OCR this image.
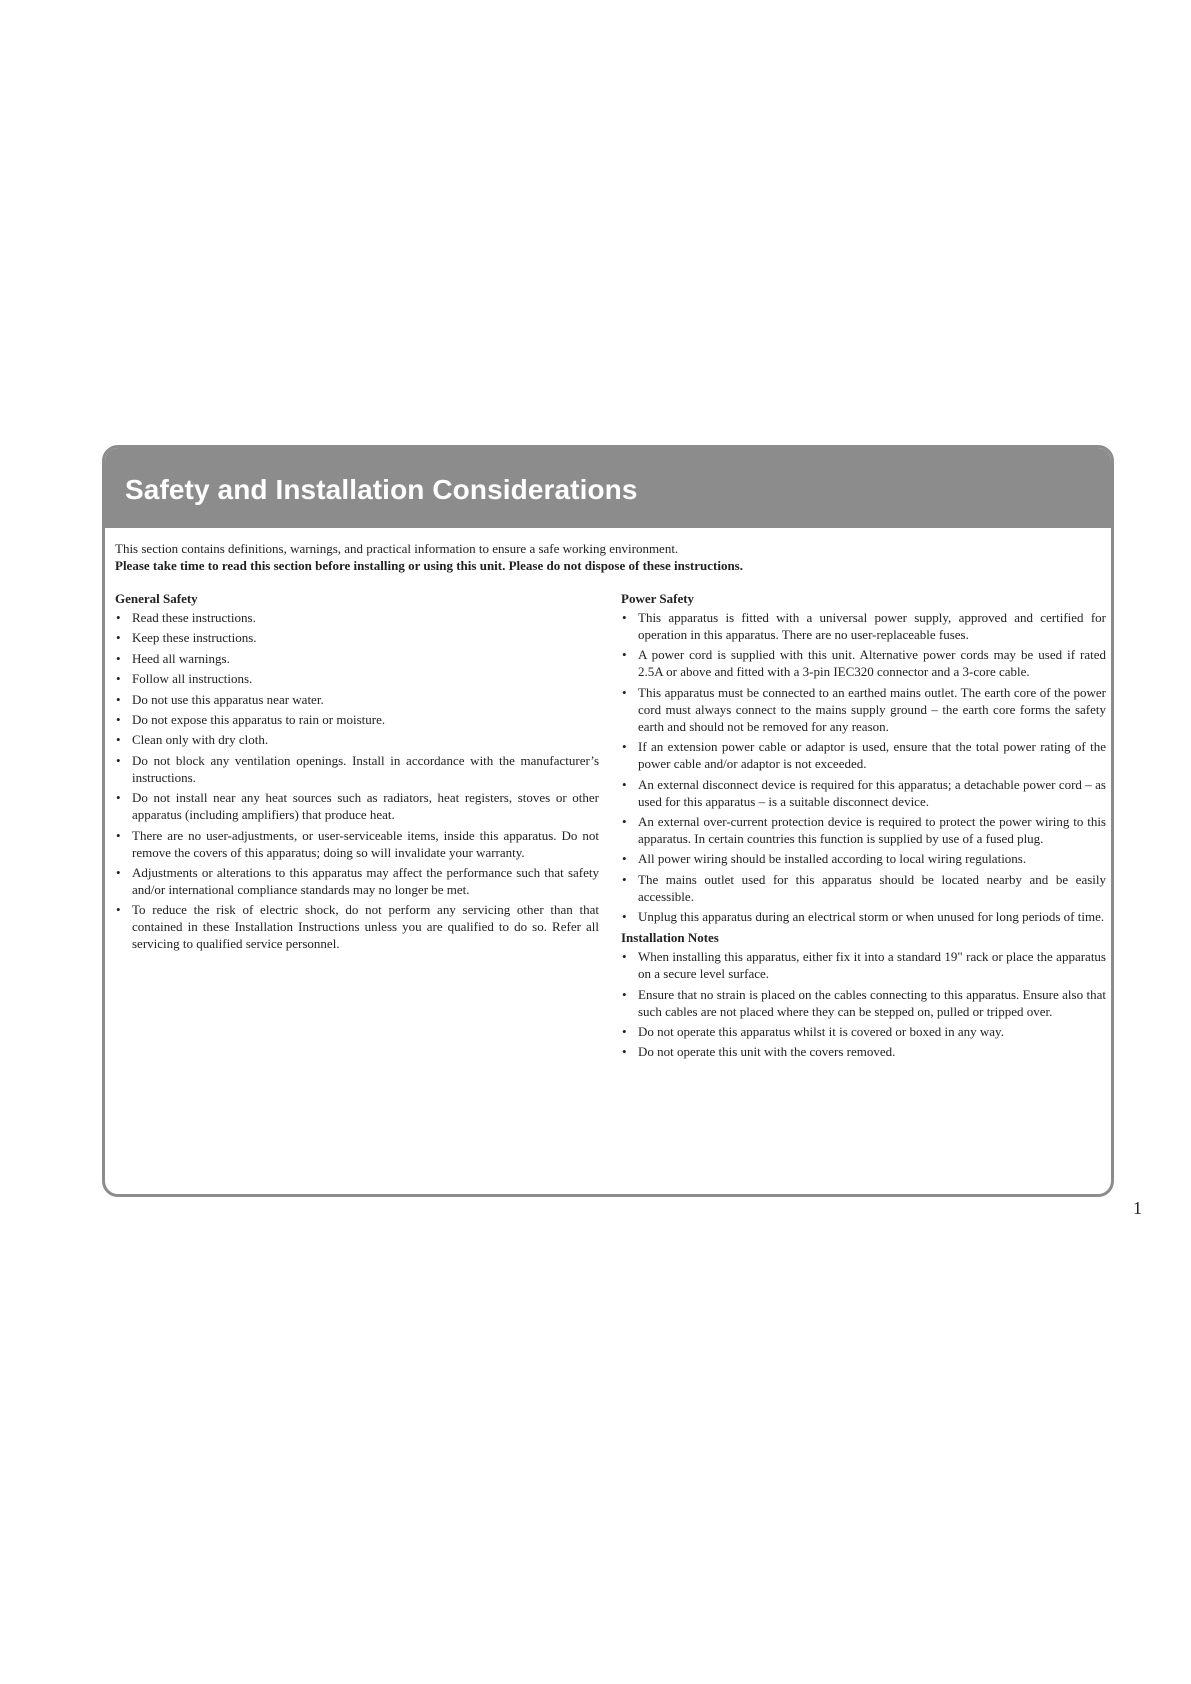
Safety and Installation Considerations
This section contains definitions, warnings, and practical information to ensure a safe working environment.
Please take time to read this section before installing or using this unit. Please do not dispose of these instructions.
General Safety
• Read these instructions.
• Keep these instructions.
• Heed all warnings.
• Follow all instructions.
• Do not use this apparatus near water.
• Do not expose this apparatus to rain or moisture.
• Clean only with dry cloth.
• Do not block any ventilation openings. Install in accordance with the manufacturer’s instructions.
• Do not install near any heat sources such as radiators, heat registers, stoves or other apparatus (including amplifiers) that produce heat.
• There are no user-adjustments, or user-serviceable items, inside this apparatus. Do not remove the covers of this apparatus; doing so will invalidate your warranty.
• Adjustments or alterations to this apparatus may affect the performance such that safety and/or international compliance standards may no longer be met.
• To reduce the risk of electric shock, do not perform any servicing other than that contained in these Installation Instructions unless you are qualified to do so. Refer all servicing to qualified service personnel.
Power Safety
• This apparatus is fitted with a universal power supply, approved and certified for operation in this apparatus. There are no user-replaceable fuses.
• A power cord is supplied with this unit. Alternative power cords may be used if rated 2.5A or above and fitted with a 3-pin IEC320 connector and a 3-core cable.
• This apparatus must be connected to an earthed mains outlet. The earth core of the power cord must always connect to the mains supply ground – the earth core forms the safety earth and should not be removed for any reason.
• If an extension power cable or adaptor is used, ensure that the total power rating of the power cable and/or adaptor is not exceeded.
• An external disconnect device is required for this apparatus; a detachable power cord – as used for this apparatus – is a suitable disconnect device.
• An external over-current protection device is required to protect the power wiring to this apparatus. In certain countries this function is supplied by use of a fused plug.
• All power wiring should be installed according to local wiring regulations.
• The mains outlet used for this apparatus should be located nearby and be easily accessible.
• Unplug this apparatus during an electrical storm or when unused for long periods of time.
Installation Notes
• When installing this apparatus, either fix it into a standard 19" rack or place the apparatus on a secure level surface.
• Ensure that no strain is placed on the cables connecting to this apparatus. Ensure also that such cables are not placed where they can be stepped on, pulled or tripped over.
• Do not operate this apparatus whilst it is covered or boxed in any way.
• Do not operate this unit with the covers removed.
1
